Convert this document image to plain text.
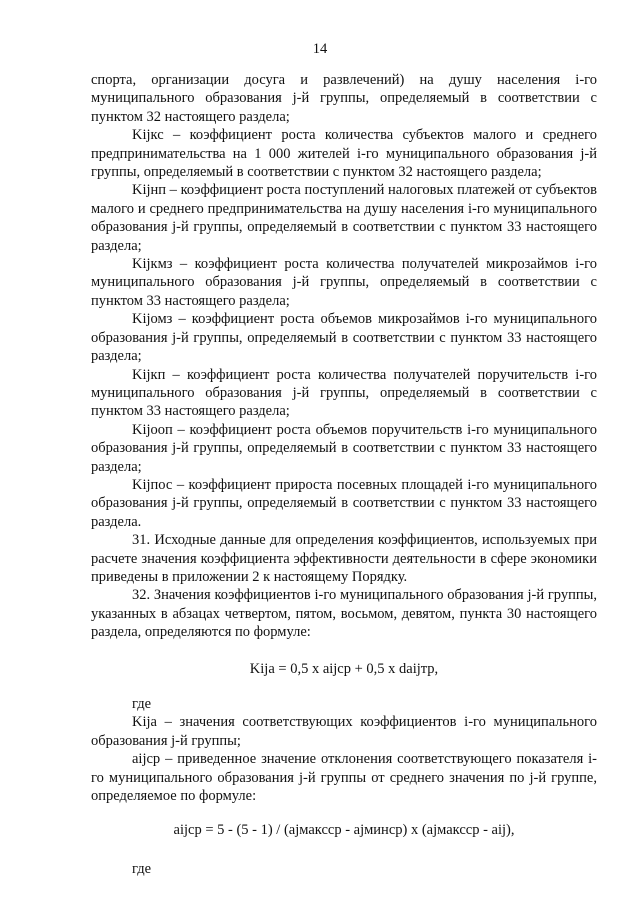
14

спорта, организации досуга и развлечений) на душу населения i-го муниципального образования j-й группы, определяемый в соответствии с пунктом 32 настоящего раздела;

Kijкс – коэффициент роста количества субъектов малого и среднего предпринимательства на 1 000 жителей i-го муниципального образования j-й группы, определяемый в соответствии с пунктом 32 настоящего раздела;

Kijнп – коэффициент роста поступлений налоговых платежей от субъектов малого и среднего предпринимательства на душу населения i-го муниципального образования j-й группы, определяемый в соответствии с пунктом 33 настоящего раздела;

Kijкмз – коэффициент роста количества получателей микрозаймов i-го муниципального образования j-й группы, определяемый в соответствии с пунктом 33 настоящего раздела;

Kijомз – коэффициент роста объемов микрозаймов i-го муниципального образования j-й группы, определяемый в соответствии с пунктом 33 настоящего раздела;

Kijкп – коэффициент роста количества получателей поручительств i-го муниципального образования j-й группы, определяемый в соответствии с пунктом 33 настоящего раздела;

Kijооп – коэффициент роста объемов поручительств i-го муниципального образования j-й группы, определяемый в соответствии с пунктом 33 настоящего раздела;

Kijпос – коэффициент прироста посевных площадей i-го муниципального образования j-й группы, определяемый в соответствии с пунктом 33 настоящего раздела.

31. Исходные данные для определения коэффициентов, используемых при расчете значения коэффициента эффективности деятельности в сфере экономики приведены в приложении 2 к настоящему Порядку.

32. Значения коэффициентов i-го муниципального образования j-й группы, указанных в абзацах четвертом, пятом, восьмом, девятом, пункта 30 настоящего раздела, определяются по формуле:

Kija = 0,5 x aijср + 0,5 x daijтр,

где

Kija – значения соответствующих коэффициентов i-го муниципального образования j-й группы;

aijср – приведенное значение отклонения соответствующего показателя i-го муниципального образования j-й группы от среднего значения по j-й группе, определяемое по формуле:

aijср = 5 - (5 - 1) / (ajмаксср - ajминср) x (ajмаксср - aij),

где
